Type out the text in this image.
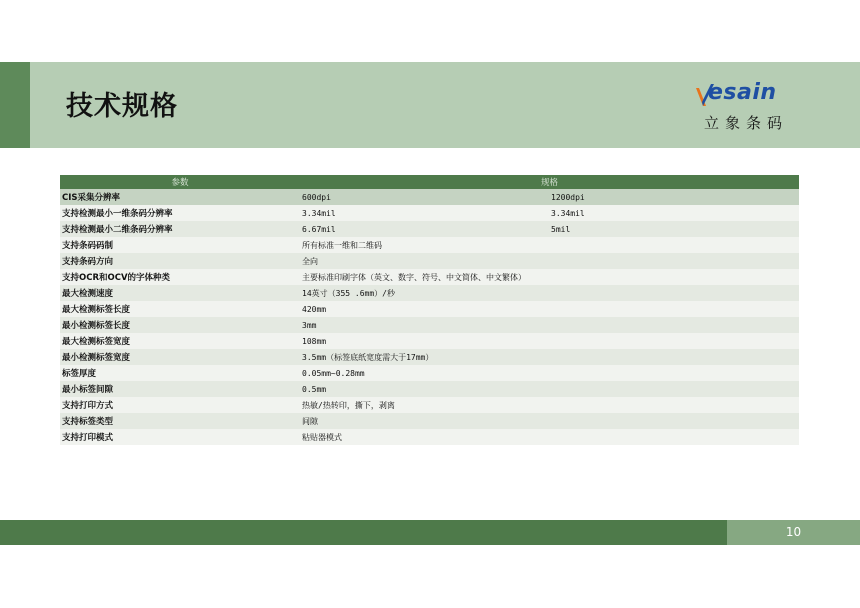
技术规格	esain
立象条码
参数	规格	
CIS采集分辨率	600dpi	1200dpi
支持检测最小一维条码分辨率	3.34mil	3.34mil
支持检测最小二维条码分辨率	6.67mil	5mil
支持条码码制	所有标准一维和二维码	
支持条码方向	全向	
支持OCR和OCV的字体种类	主要标准印刷字体（英文、数字、符号、中文简体、中文繁体）	
最大检测速度	14英寸（355 .6mm）/秒	
最大检测标签长度	420mm	
最小检测标签长度	3mm	
最大检测标签宽度	108mm	
最小检测标签宽度	3.5mm（标签底纸宽度需大于17mm）	
标签厚度	0.05mm~0.28mm	
最小标签间隙	0.5mm	
支持打印方式	热敏/热转印，撕下，剥离	
支持标签类型	间隙	
支持打印模式	粘贴器模式	
10
